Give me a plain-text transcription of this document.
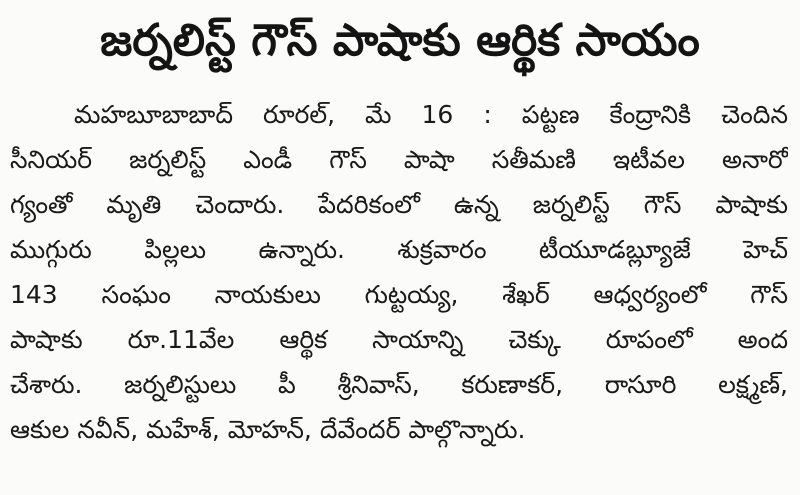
జర్నలిస్ట్ గౌస్ పాషాకు ఆర్థిక సాయం
మహబూబాబాద్ రూరల్, మే 16 : పట్టణ కేంద్రానికి చెందిన
సీనియర్ జర్నలిస్ట్ ఎండీ గౌస్ పాషా సతీమణి ఇటీవల అనారో
గ్యంతో మృతి చెందారు. పేదరికంలో ఉన్న జర్నలిస్ట్ గౌస్ పాషాకు
ముగ్గురు పిల్లలు ఉన్నారు. శుక్రవారం టీయూడబ్ల్యూజే హెచ్
143 సంఘం నాయకులు గుట్టయ్య, శేఖర్ ఆధ్వర్యంలో గౌస్
పాషాకు రూ.11వేల ఆర్థిక సాయాన్ని చెక్కు రూపంలో అంద
చేశారు. జర్నలిస్టులు పీ శ్రీనివాస్, కరుణాకర్, రాసూరి లక్ష్మణ్,
ఆకుల నవీన్, మహేశ్, మోహన్, దేవేందర్ పాల్గొన్నారు.
